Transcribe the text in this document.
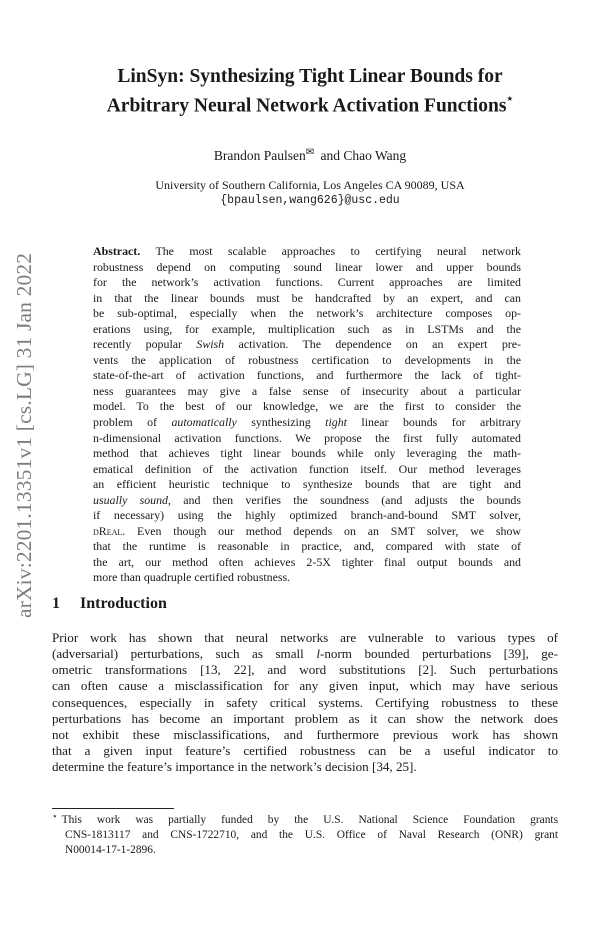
arXiv:2201.13351v1 [cs.LG] 31 Jan 2022
LinSyn: Synthesizing Tight Linear Bounds for
Arbitrary Neural Network Activation Functions⋆
Brandon Paulsen✉ and Chao Wang
University of Southern California, Los Angeles CA 90089, USA
{bpaulsen,wang626}@usc.edu
Abstract. The most scalable approaches to certifying neural network
robustness depend on computing sound linear lower and upper bounds
for the network’s activation functions. Current approaches are limited
in that the linear bounds must be handcrafted by an expert, and can
be sub-optimal, especially when the network’s architecture composes op-
erations using, for example, multiplication such as in LSTMs and the
recently popular Swish activation. The dependence on an expert pre-
vents the application of robustness certification to developments in the
state-of-the-art of activation functions, and furthermore the lack of tight-
ness guarantees may give a false sense of insecurity about a particular
model. To the best of our knowledge, we are the first to consider the
problem of automatically synthesizing tight linear bounds for arbitrary
n-dimensional activation functions. We propose the first fully automated
method that achieves tight linear bounds while only leveraging the math-
ematical definition of the activation function itself. Our method leverages
an efficient heuristic technique to synthesize bounds that are tight and
usually sound, and then verifies the soundness (and adjusts the bounds
if necessary) using the highly optimized branch-and-bound SMT solver,
dReal. Even though our method depends on an SMT solver, we show
that the runtime is reasonable in practice, and, compared with state of
the art, our method often achieves 2-5X tighter final output bounds and
more than quadruple certified robustness.
1 Introduction
Prior work has shown that neural networks are vulnerable to various types of
(adversarial) perturbations, such as small l-norm bounded perturbations [39], ge-
ometric transformations [13, 22], and word substitutions [2]. Such perturbations
can often cause a misclassification for any given input, which may have serious
consequences, especially in safety critical systems. Certifying robustness to these
perturbations has become an important problem as it can show the network does
not exhibit these misclassifications, and furthermore previous work has shown
that a given input feature’s certified robustness can be a useful indicator to
determine the feature’s importance in the network’s decision [34, 25].
⋆ This work was partially funded by the U.S. National Science Foundation grants
CNS-1813117 and CNS-1722710, and the U.S. Office of Naval Research (ONR) grant
N00014-17-1-2896.
